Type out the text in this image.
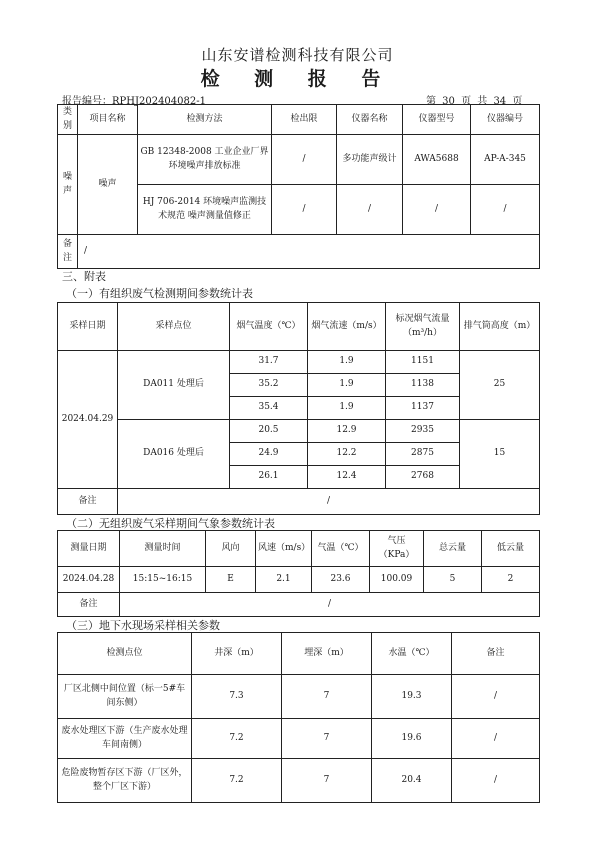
山东安谱检测科技有限公司
检 测 报 告
报告编号：RPHJ202404082-1	第 30 页 共 34 页
类别	项目名称	检测方法	检出限	仪器名称	仪器型号	仪器编号
噪声	噪声	GB 12348-2008 工业企业厂界环境噪声排放标准	/	多功能声级计	AWA5688	AP-A-345
		HJ 706-2014 环境噪声监测技术规范 噪声测量值修正	/	/	/	/
备注	/					
三、附表
（一）有组织废气检测期间参数统计表
采样日期	采样点位	烟气温度（℃）	烟气流速（m/s）	标况烟气流量（m³/h）	排气筒高度（m）
2024.04.29	DA011 处理后	31.7	1.9	1151	25
		35.2	1.9	1138	
		35.4	1.9	1137	
	DA016 处理后	20.5	12.9	2935	15
		24.9	12.2	2875	
		26.1	12.4	2768	
备注	/				
（二）无组织废气采样期间气象参数统计表
测量日期	测量时间	风向	风速（m/s）	气温（℃）	气压（KPa）	总云量	低云量
2024.04.28	15:15~16:15	E	2.1	23.6	100.09	5	2
备注	/						
（三）地下水现场采样相关参数
检测点位	井深（m）	埋深（m）	水温（℃）	备注
厂区北侧中间位置（标一5#车间东侧）	7.3	7	19.3	/
废水处理区下游（生产废水处理车间南侧）	7.2	7	19.6	/
危险废物暂存区下游（厂区外，整个厂区下游）	7.2	7	20.4	/
